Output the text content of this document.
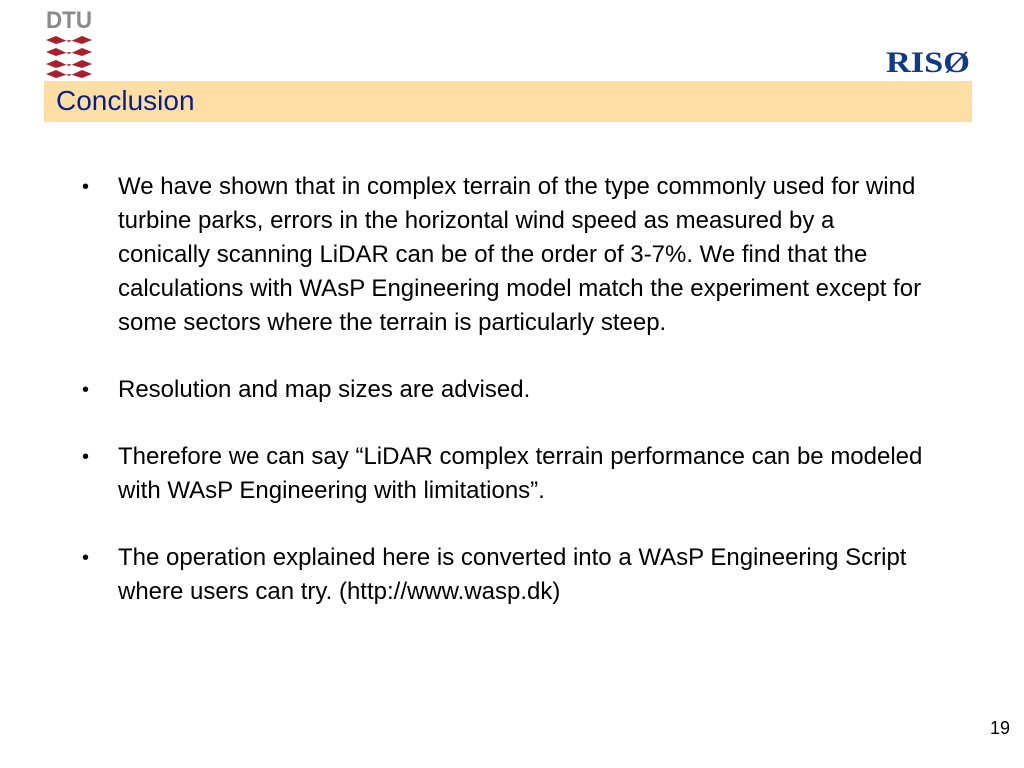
DTU
RISØ
Conclusion
•	We have shown that in complex terrain of the type commonly used for wind turbine parks, errors in the horizontal wind speed as measured by a conically scanning LiDAR can be of the order of 3-7%. We find that the calculations with WAsP Engineering model match the experiment except for some sectors where the terrain is particularly steep.
•	Resolution and map sizes are advised.
•	Therefore we can say “LiDAR complex terrain performance can be modeled with WAsP Engineering with limitations”.
•	The operation explained here is converted into a WAsP Engineering Script where users can try. (http://www.wasp.dk)
19
